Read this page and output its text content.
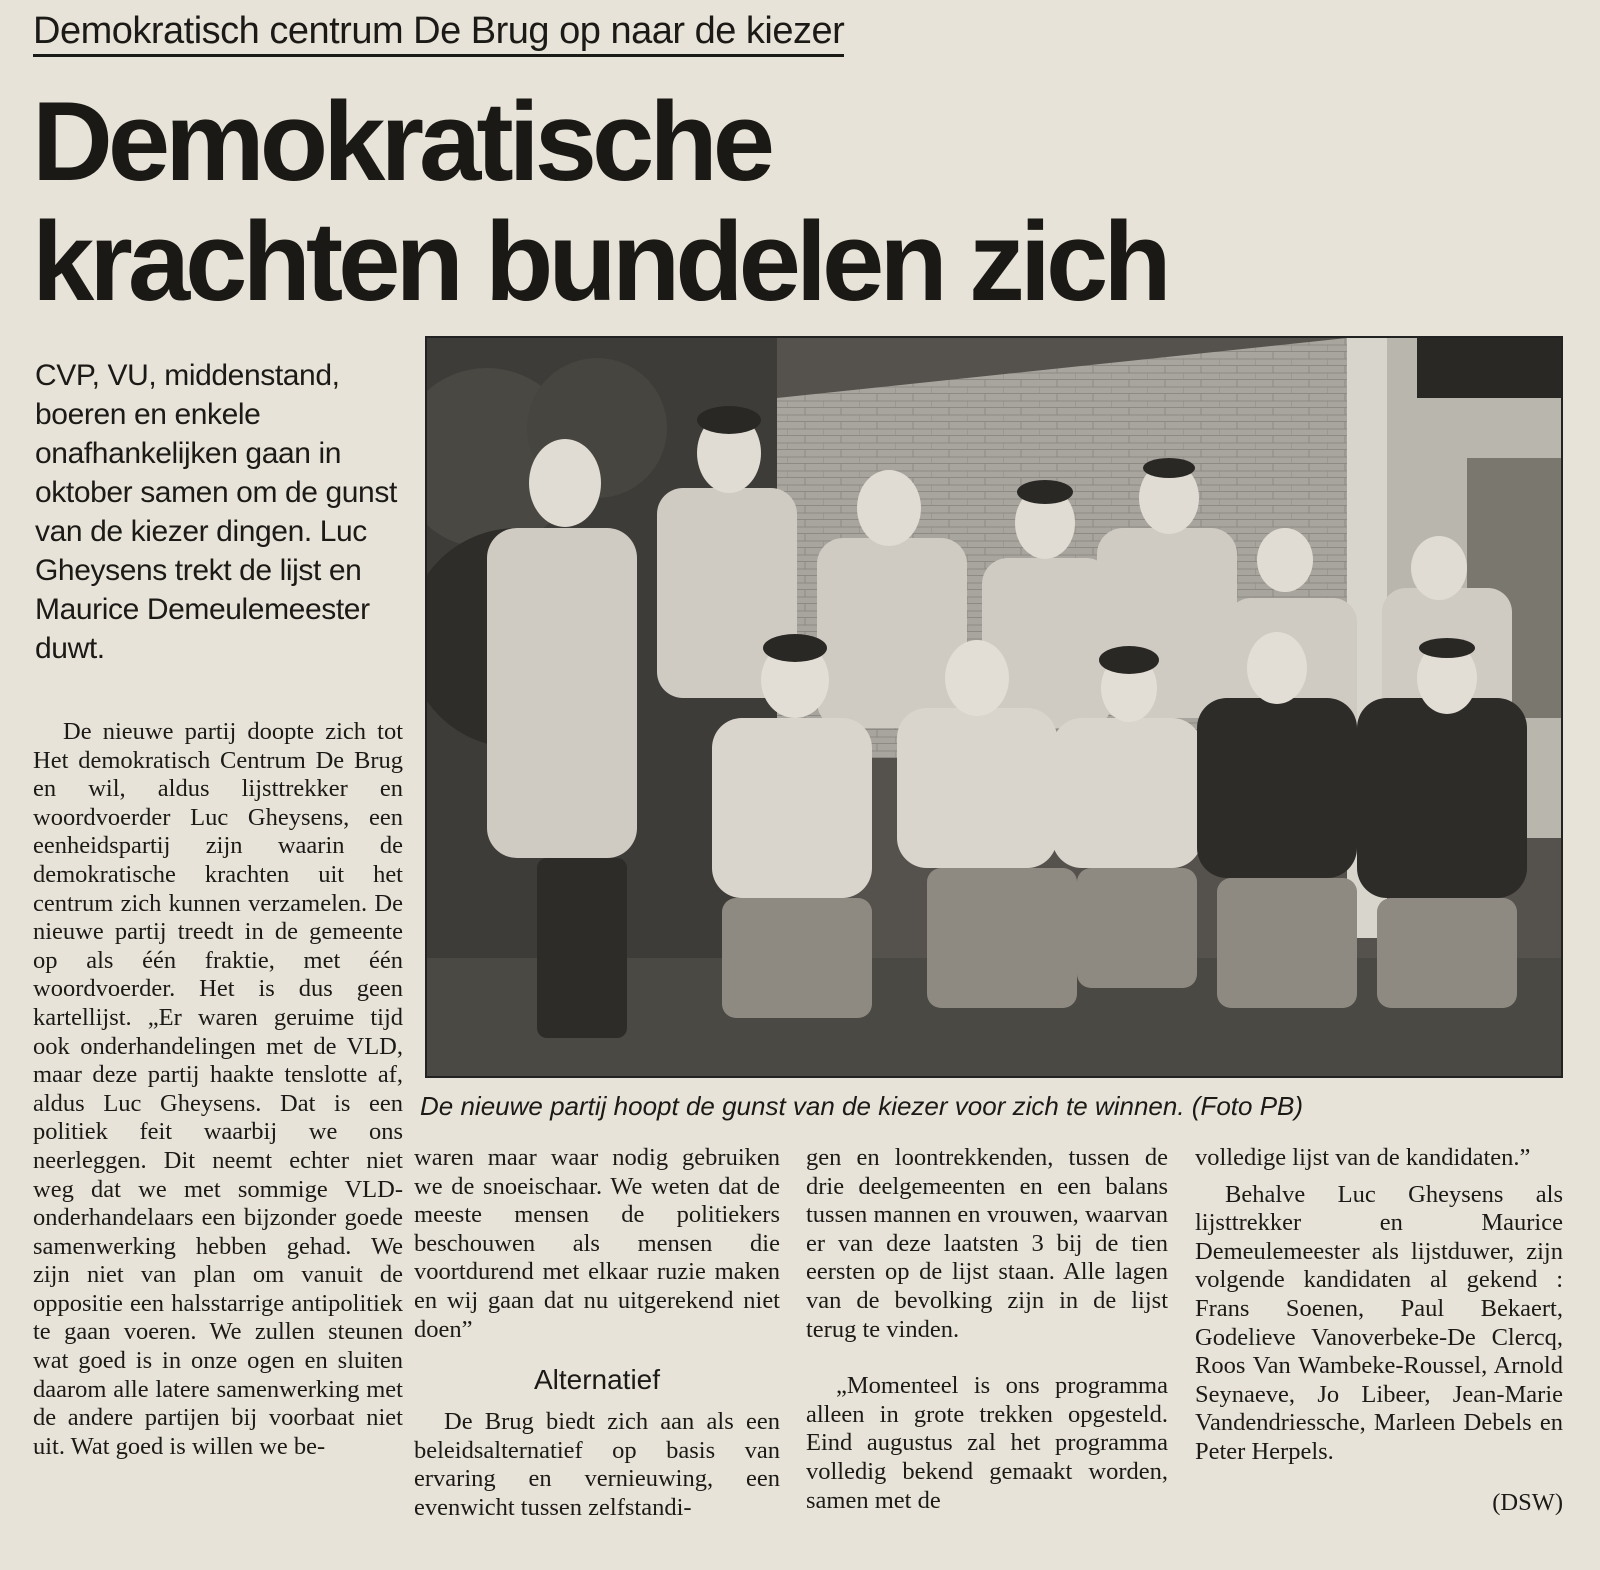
Demokratisch centrum De Brug op naar de kiezer
Demokratische krachten bundelen zich

CVP, VU, middenstand, boeren en enkele onafhankelijken gaan in oktober samen om de gunst van de kiezer dingen. Luc Gheysens trekt de lijst en Maurice Demeulemeester duwt.

De nieuwe partij doopte zich tot Het demokratisch Centrum De Brug en wil, aldus lijsttrekker en woordvoerder Luc Gheysens, een eenheidspartij zijn waarin de demokratische krachten uit het centrum zich kunnen verzamelen. De nieuwe partij treedt in de gemeente op als één fraktie, met één woordvoerder. Het is dus geen kartellijst. „Er waren geruime tijd ook onderhandelingen met de VLD, maar deze partij haakte tenslotte af, aldus Luc Gheysens. Dat is een politiek feit waarbij we ons neerleggen. Dit neemt echter niet weg dat we met sommige VLD-onderhandelaars een bijzonder goede samenwerking hebben gehad. We zijn niet van plan om vanuit de oppositie een halsstarrige antipolitiek te gaan voeren. We zullen steunen wat goed is in onze ogen en sluiten daarom alle latere samenwerking met de andere partijen bij voorbaat niet uit. Wat goed is willen we be-

De nieuwe partij hoopt de gunst van de kiezer voor zich te winnen. (Foto PB)

waren maar waar nodig gebruiken we de snoeischaar. We weten dat de meeste mensen de politiekers beschouwen als mensen die voortdurend met elkaar ruzie maken en wij gaan dat nu uitgerekend niet doen”

Alternatief

De Brug biedt zich aan als een beleidsalternatief op basis van ervaring en vernieuwing, een evenwicht tussen zelfstandi-

gen en loontrekkenden, tussen de drie deelgemeenten en een balans tussen mannen en vrouwen, waarvan er van deze laatsten 3 bij de tien eersten op de lijst staan. Alle lagen van de bevolking zijn in de lijst terug te vinden.

„Momenteel is ons programma alleen in grote trekken opgesteld. Eind augustus zal het programma volledig bekend gemaakt worden, samen met de

volledige lijst van de kandidaten.”

Behalve Luc Gheysens als lijsttrekker en Maurice Demeulemeester als lijstduwer, zijn volgende kandidaten al gekend : Frans Soenen, Paul Bekaert, Godelieve Vanoverbeke-De Clercq, Roos Van Wambeke-Roussel, Arnold Seynaeve, Jo Libeer, Jean-Marie Vandendriessche, Marleen Debels en Peter Herpels.

(DSW)
